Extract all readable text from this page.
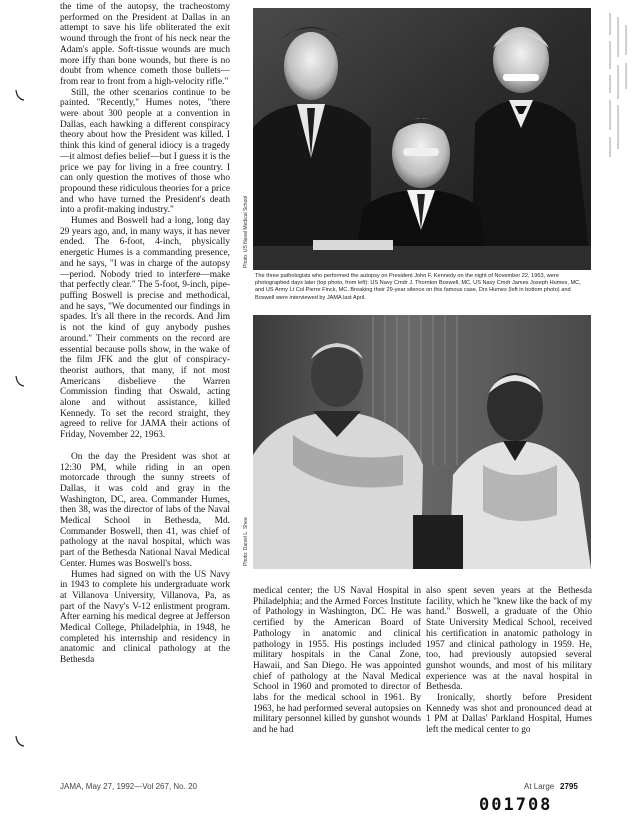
the time of the autopsy, the tracheostomy performed on the President at Dallas in an attempt to save his life obliterated the exit wound through the front of his neck near the Adam's apple. Soft-tissue wounds are much more iffy than bone wounds, but there is no doubt from whence cometh those bullets—from rear to front from a high-velocity rifle."

Still, the other scenarios continue to be painted. "Recently," Humes notes, "there were about 300 people at a convention in Dallas, each hawking a different conspiracy theory about how the President was killed. I think this kind of general idiocy is a tragedy—it almost defies belief—but I guess it is the price we pay for living in a free country. I can only question the motives of those who propound these ridiculous theories for a price and who have turned the President's death into a profit-making industry."

Humes and Boswell had a long, long day 29 years ago, and, in many ways, it has never ended. The 6-foot, 4-inch, physically energetic Humes is a commanding presence, and he says, "I was in charge of the autopsy—period. Nobody tried to interfere—make that perfectly clear." The 5-foot, 9-inch, pipe-puffing Boswell is precise and methodical, and he says, "We documented our findings in spades. It's all there in the records. And Jim is not the kind of guy anybody pushes around." Their comments on the record are essential because polls show, in the wake of the film JFK and the glut of conspiracy-theorist authors, that many, if not most Americans disbelieve the Warren Commission finding that Oswald, acting alone and without assistance, killed Kennedy. To set the record straight, they agreed to relive for JAMA their actions of Friday, November 22, 1963.

On the day the President was shot at 12:30 PM, while riding in an open motorcade through the sunny streets of Dallas, it was cold and gray in the Washington, DC, area. Commander Humes, then 38, was the director of labs of the Naval Medical School in Bethesda, Md. Commander Boswell, then 41, was chief of pathology at the naval hospital, which was part of the Bethesda National Naval Medical Center. Humes was Boswell's boss.

Humes had signed on with the US Navy in 1943 to complete his undergraduate work at Villanova University, Villanova, Pa, as part of the Navy's V-12 enlistment program. After earning his medical degree at Jefferson Medical College, Philadelphia, in 1948, he completed his internship and residency in anatomic and clinical pathology at the Bethesda

Photo: US Naval Medical School
The three pathologists who performed the autopsy on President John F. Kennedy on the night of November 22, 1963, were photographed days later (top photo, from left): US Navy Cmdr J. Thornton Boswell, MC, US Navy Cmdr James Joseph Humes, MC, and US Army Lt Col Pierre Finck, MC. Breaking their 29-year silence on this famous case, Drs Humes (left in bottom photo) and Boswell were interviewed by JAMA last April.
Photo: Daniel L. Shea

medical center; the US Naval Hospital in Philadelphia; and the Armed Forces Institute of Pathology in Washington, DC. He was certified by the American Board of Pathology in anatomic and clinical pathology in 1955. His postings included military hospitals in the Canal Zone, Hawaii, and San Diego. He was appointed chief of pathology at the Naval Medical School in 1960 and promoted to director of labs for the medical school in 1961. By 1963, he had performed several autopsies on military personnel killed by gunshot wounds and he had

also spent seven years at the Bethesda facility, which he "knew like the back of my hand." Boswell, a graduate of the Ohio State University Medical School, received his certification in anatomic pathology in 1957 and clinical pathology in 1959. He, too, had previously autopsied several gunshot wounds, and most of his military experience was at the naval hospital in Bethesda.

Ironically, shortly before President Kennedy was shot and pronounced dead at 1 PM at Dallas' Parkland Hospital, Humes left the medical center to go

JAMA, May 27, 1992—Vol 267, No. 20	At Large 2795
001708
